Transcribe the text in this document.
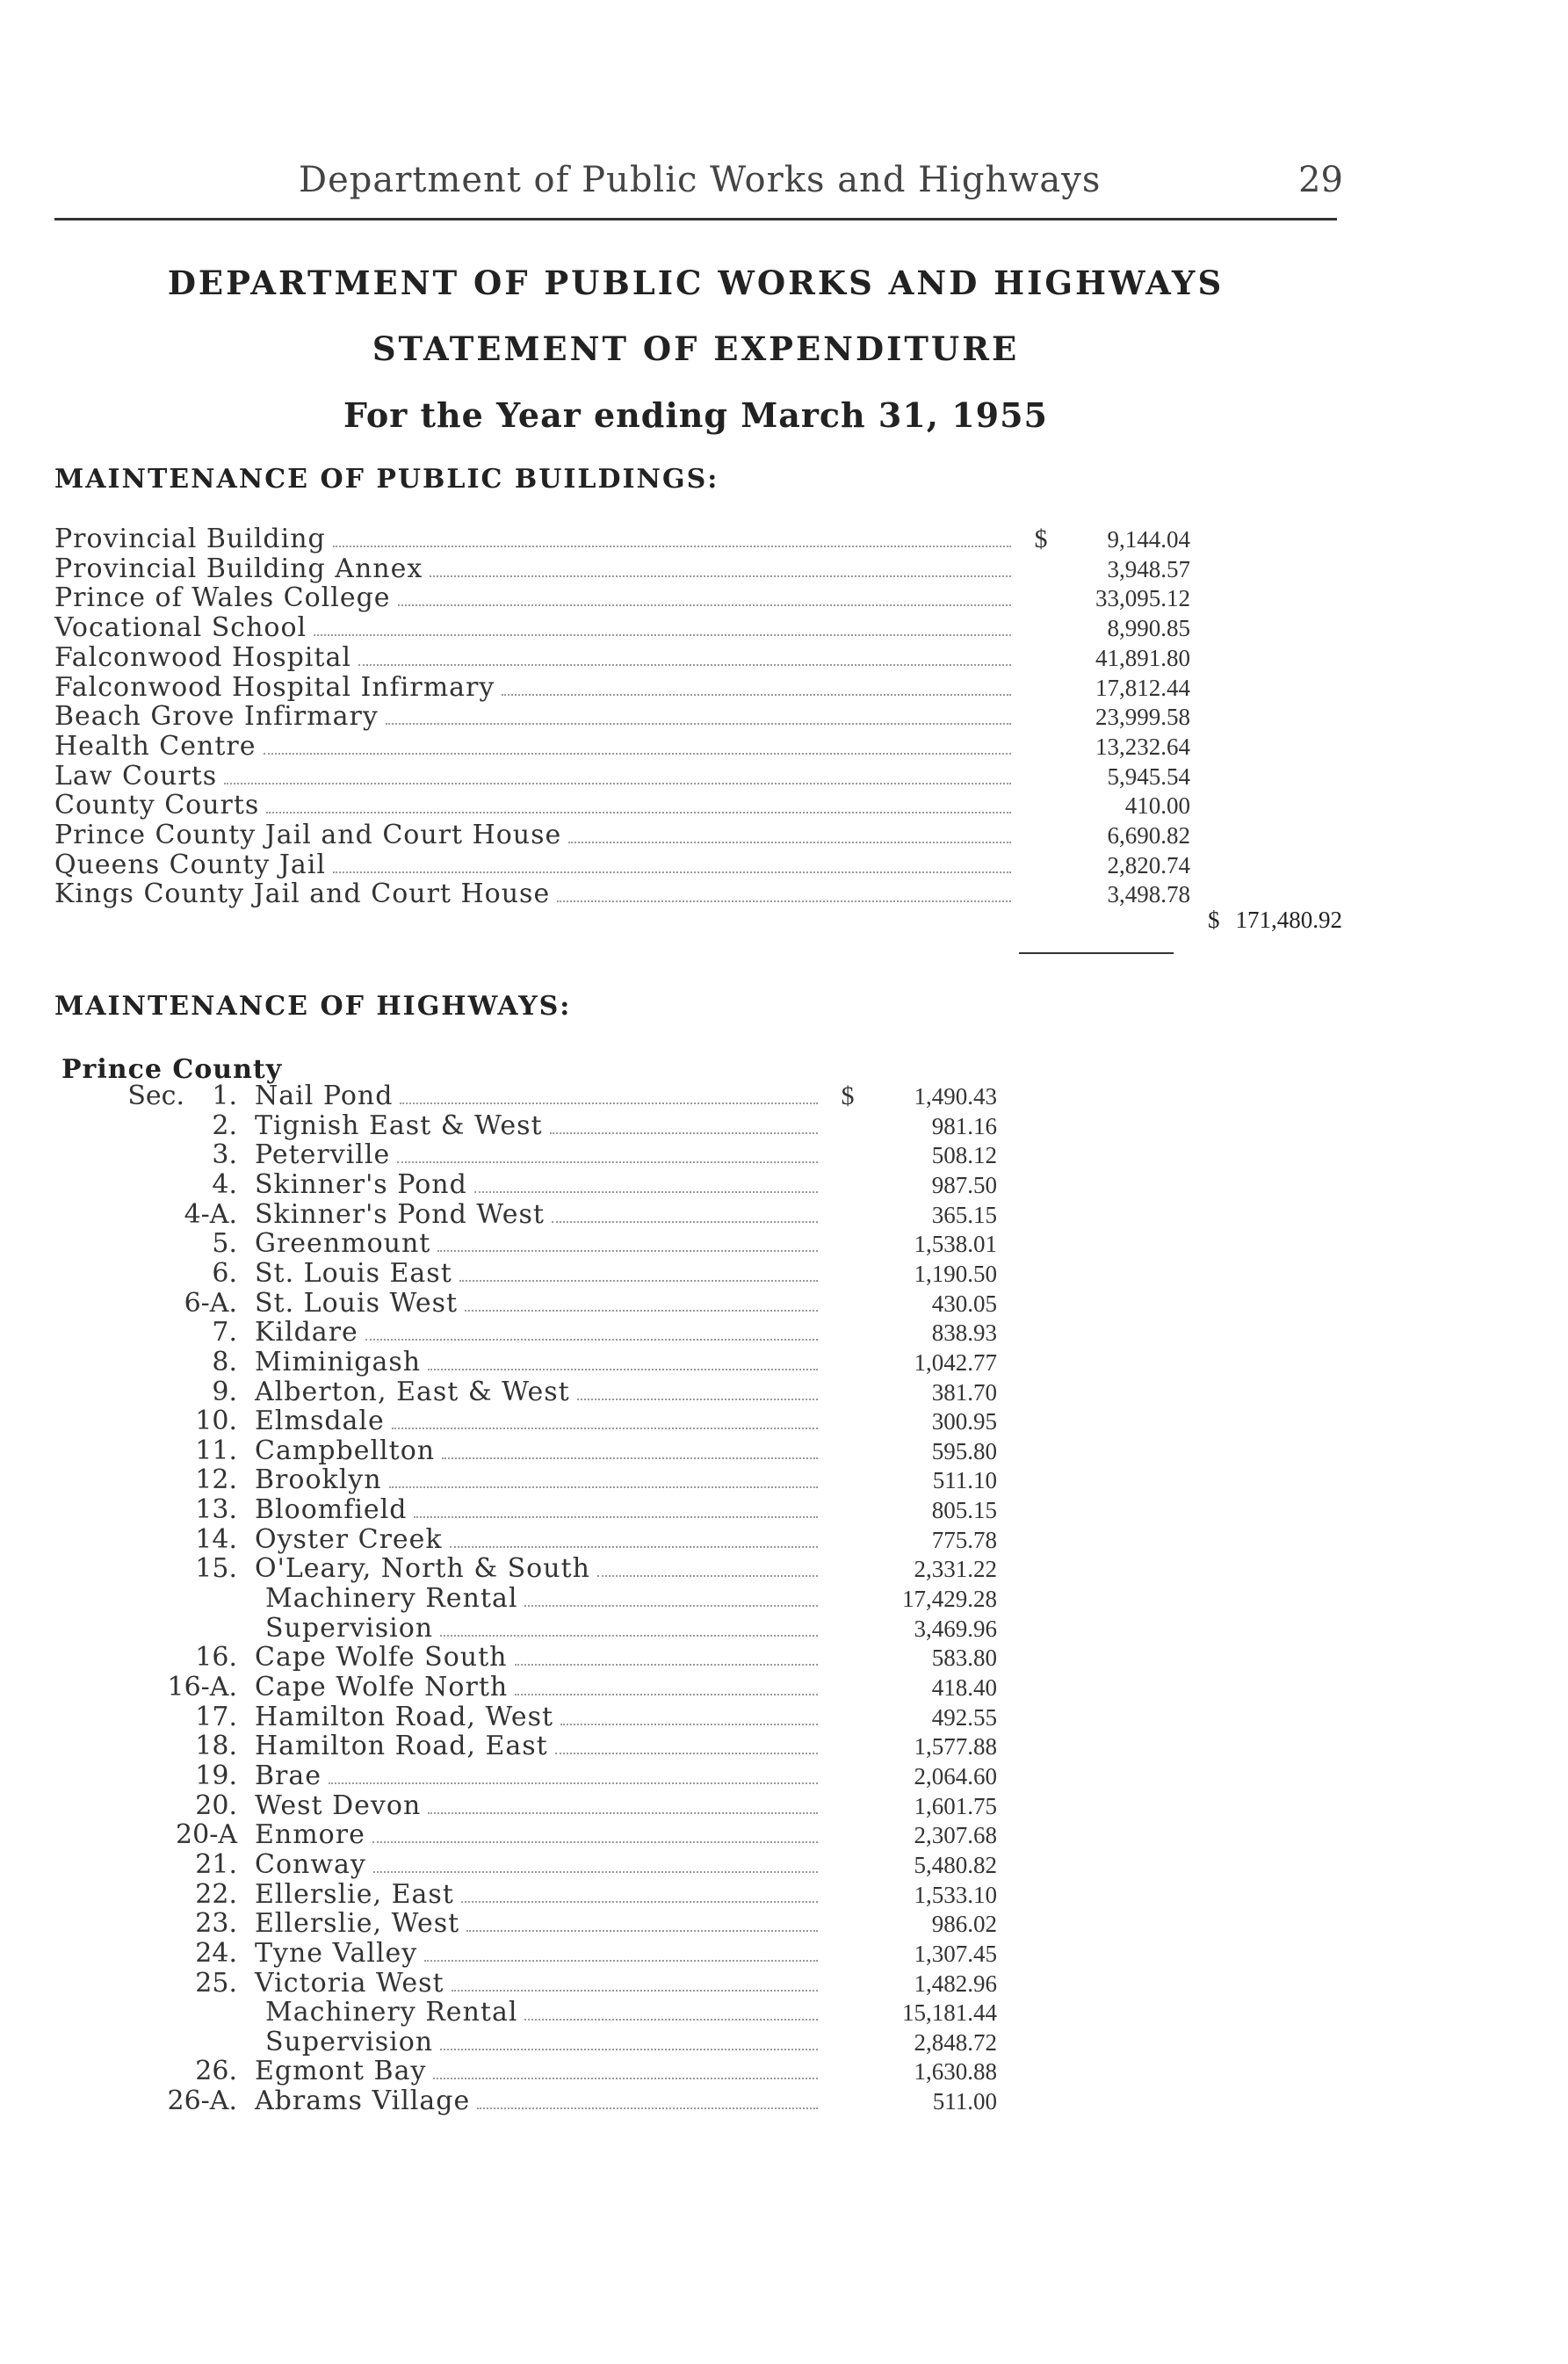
Department of Public Works and Highways	29
DEPARTMENT OF PUBLIC WORKS AND HIGHWAYS
STATEMENT OF EXPENDITURE
For the Year ending March 31, 1955
MAINTENANCE OF PUBLIC BUILDINGS:
Provincial Building	$	9,144.04
Provincial Building Annex	3,948.57
Prince of Wales College	33,095.12
Vocational School	8,990.85
Falconwood Hospital	41,891.80
Falconwood Hospital Infirmary	17,812.44
Beach Grove Infirmary	23,999.58
Health Centre	13,232.64
Law Courts	5,945.54
County Courts	410.00
Prince County Jail and Court House	6,690.82
Queens County Jail	2,820.74
Kings County Jail and Court House	3,498.78
$ 171,480.92
MAINTENANCE OF HIGHWAYS:
Prince County
Sec. 1. Nail Pond	$	1,490.43
2. Tignish East & West	981.16
3. Peterville	508.12
4. Skinner's Pond	987.50
4-A. Skinner's Pond West	365.15
5. Greenmount	1,538.01
6. St. Louis East	1,190.50
6-A. St. Louis West	430.05
7. Kildare	838.93
8. Miminigash	1,042.77
9. Alberton, East & West	381.70
10. Elmsdale	300.95
11. Campbellton	595.80
12. Brooklyn	511.10
13. Bloomfield	805.15
14. Oyster Creek	775.78
15. O'Leary, North & South	2,331.22
Machinery Rental	17,429.28
Supervision	3,469.96
16. Cape Wolfe South	583.80
16-A. Cape Wolfe North	418.40
17. Hamilton Road, West	492.55
18. Hamilton Road, East	1,577.88
19. Brae	2,064.60
20. West Devon	1,601.75
20-A Enmore	2,307.68
21. Conway	5,480.82
22. Ellerslie, East	1,533.10
23. Ellerslie, West	986.02
24. Tyne Valley	1,307.45
25. Victoria West	1,482.96
Machinery Rental	15,181.44
Supervision	2,848.72
26. Egmont Bay	1,630.88
26-A. Abrams Village	511.00
